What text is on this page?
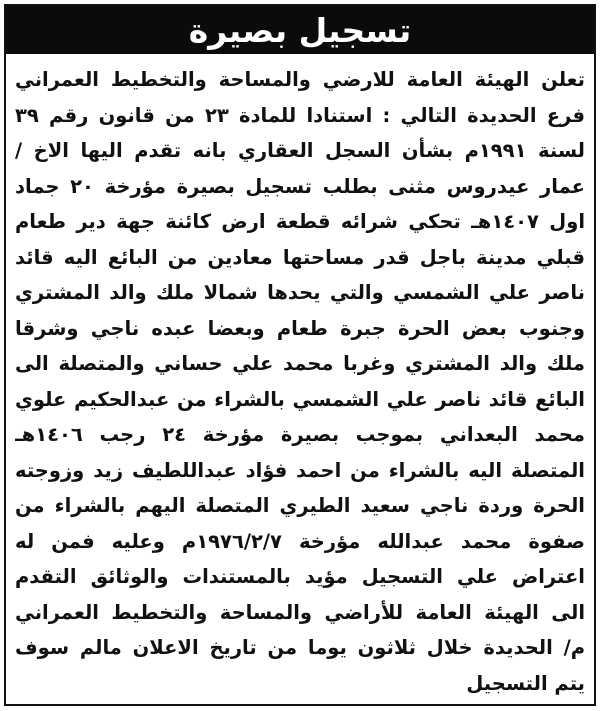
تسجيل بصيرة
تعلن الهيئة العامة للارضي والمساحة والتخطيط العمراني
فرع الحديدة التالي : استنادا للمادة ٢٣ من قانون رقم ٣٩
لسنة ١٩٩١م بشأن السجل العقاري بانه تقدم اليها الاخ /
عمار عيدروس مثنى بطلب تسجيل بصيرة مؤرخة ٢٠ جماد
اول ١٤٠٧هـ تحكي شرائه قطعة ارض كائنة جهة دير طعام
قبلي مدينة باجل قدر مساحتها معادين من البائع اليه قائد
ناصر علي الشمسي والتي يحدها شمالا ملك والد المشتري
وجنوب بعض الحرة جبرة طعام وبعضا عبده ناجي وشرقا
ملك والد المشتري وغربا محمد علي حساني والمتصلة الى
البائع قائد ناصر علي الشمسي بالشراء من عبدالحكيم علوي
محمد البعداني بموجب بصيرة مؤرخة ٢٤ رجب ١٤٠٦هـ
المتصلة اليه بالشراء من احمد فؤاد عبداللطيف زيد وزوجته
الحرة وردة ناجي سعيد الطيري المتصلة اليهم بالشراء من
صفوة محمد عبدالله مؤرخة ١٩٧٦/٢/٧م وعليه فمن له
اعتراض علي التسجيل مؤيد بالمستندات والوثائق التقدم
الى الهيئة العامة للأراضي والمساحة والتخطيط العمراني
م/ الحديدة خلال ثلاثون يوما من تاريخ الاعلان مالم سوف
يتم التسجيل
